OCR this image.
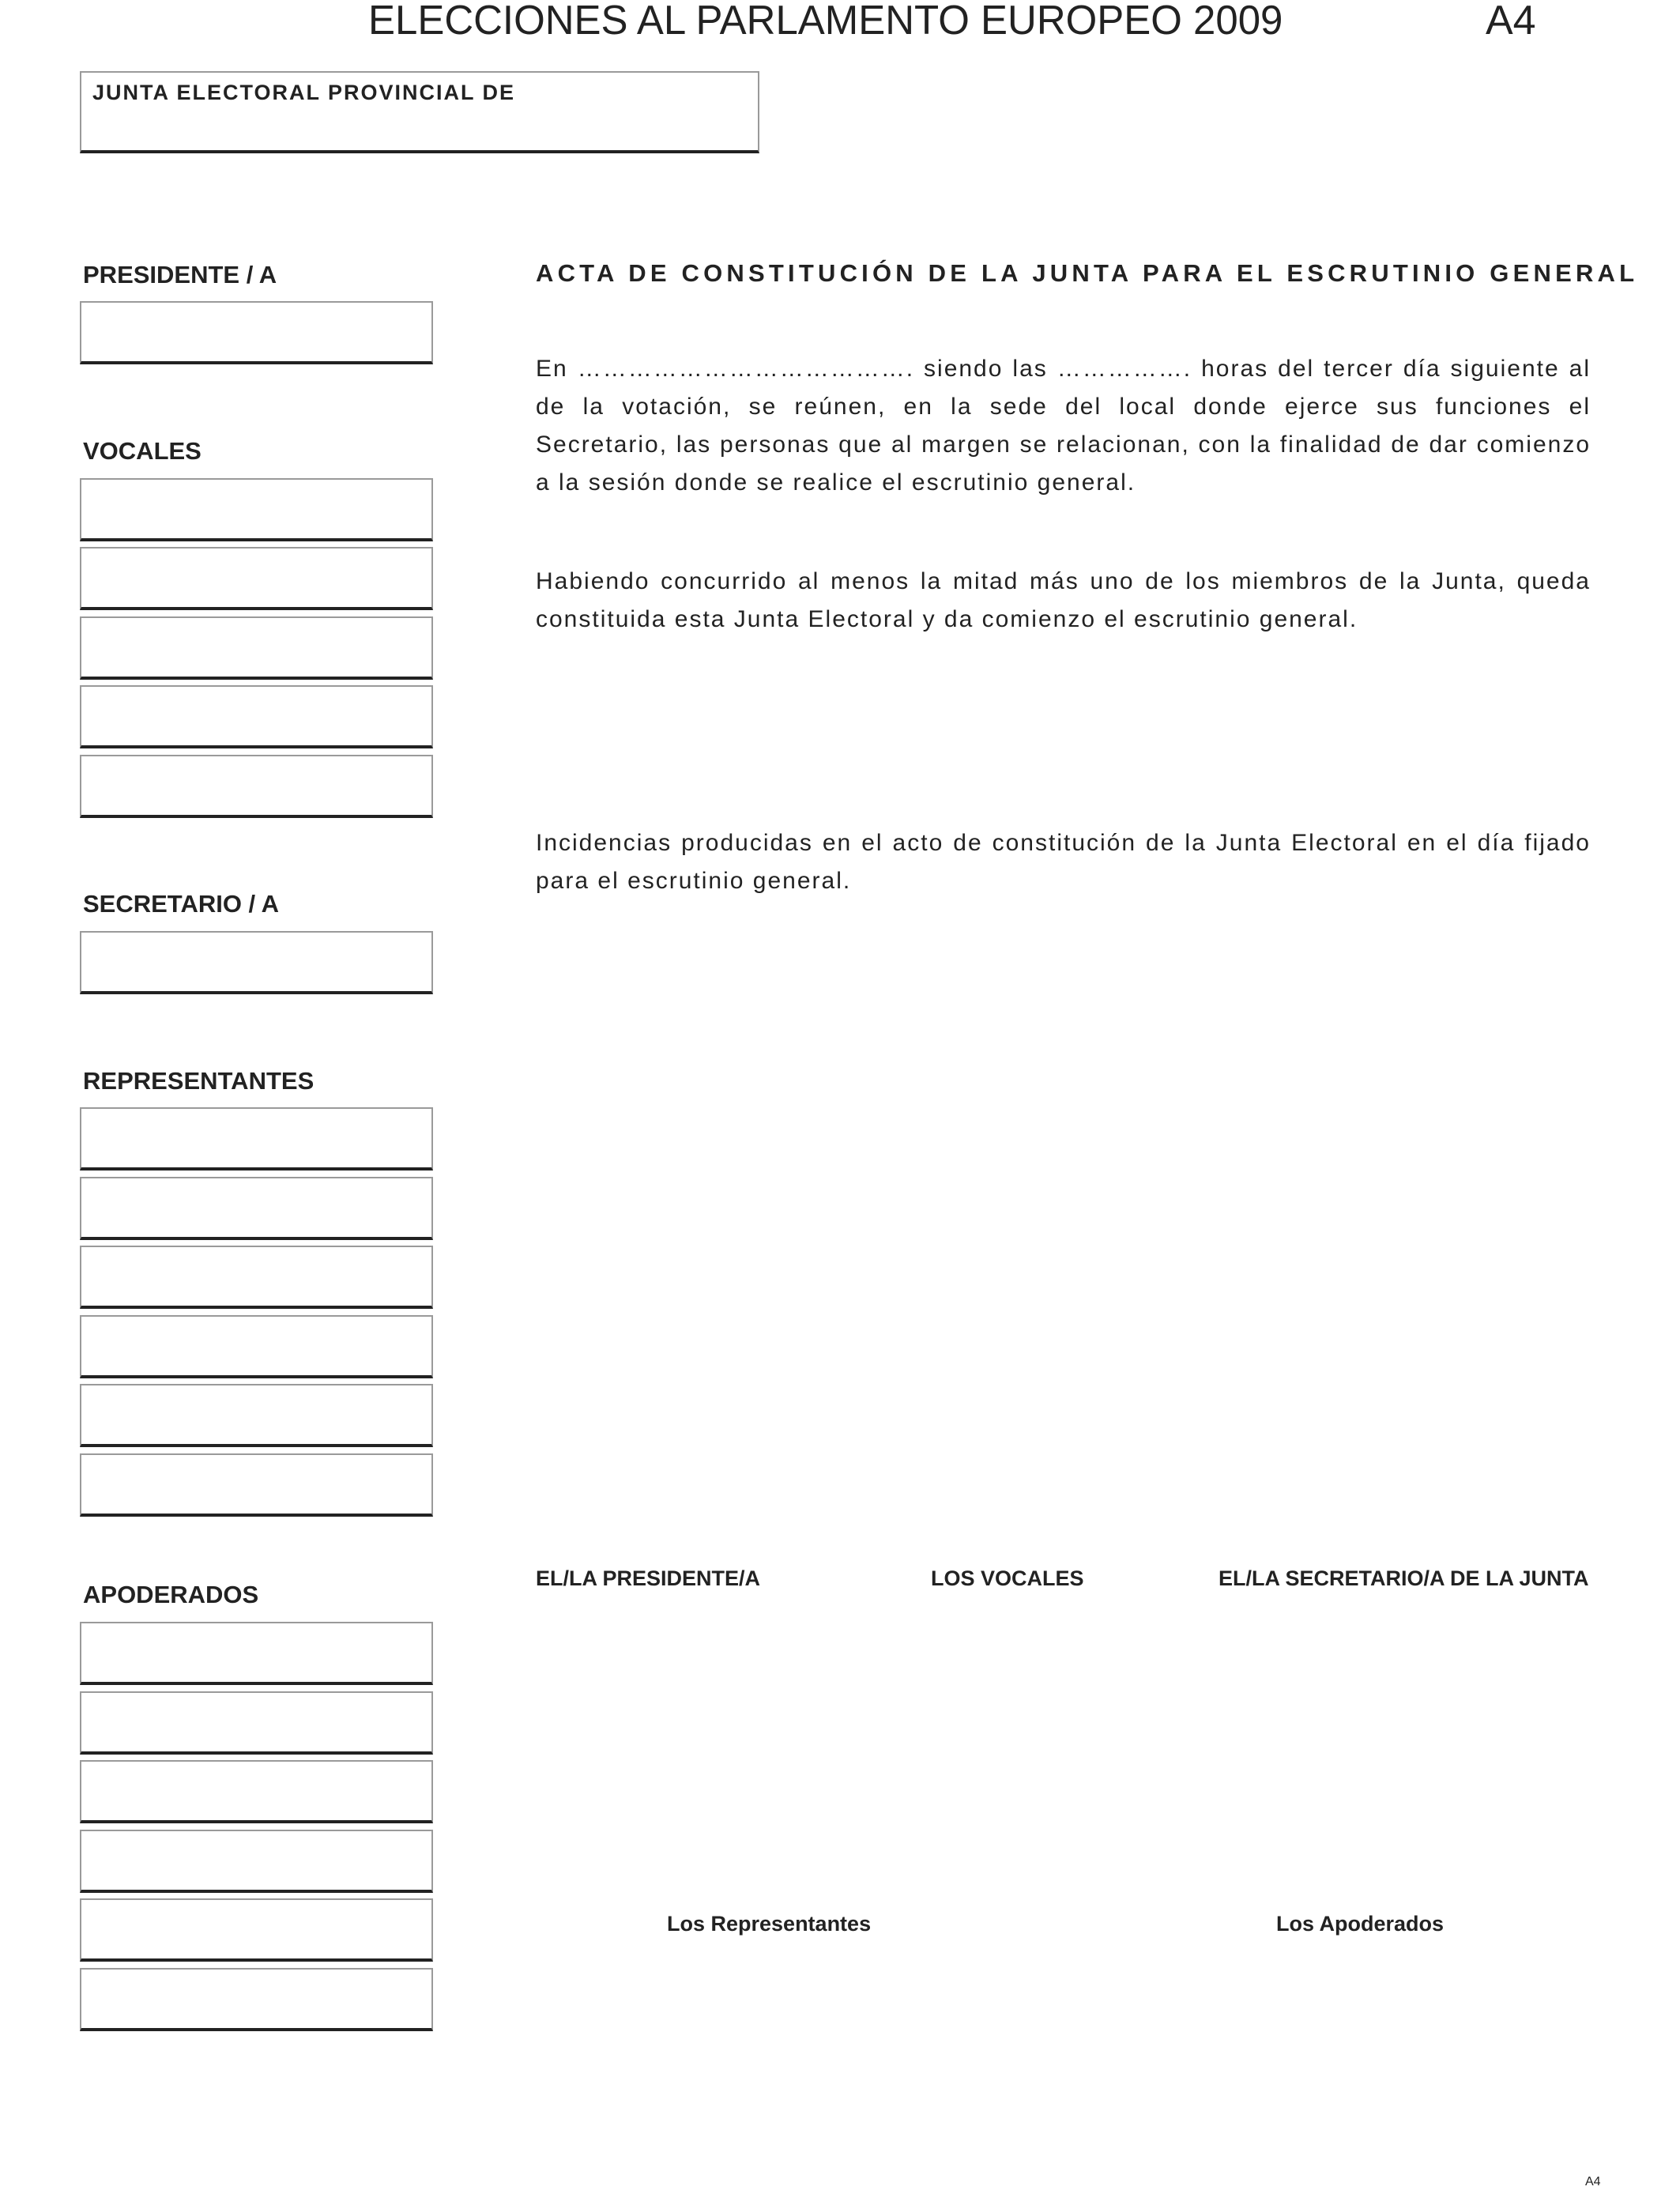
ELECCIONES AL PARLAMENTO EUROPEO 2009	A4
JUNTA ELECTORAL PROVINCIAL DE
PRESIDENTE / A
VOCALES
SECRETARIO / A
REPRESENTANTES
APODERADOS
ACTA DE CONSTITUCIÓN DE LA JUNTA PARA EL ESCRUTINIO GENERAL
En …………………………………. siendo las ……………. horas del tercer día siguiente al de la votación, se reúnen, en la sede del local donde ejerce sus funciones el Secretario, las personas que al margen se relacionan, con la finalidad de dar comienzo a la sesión donde se realice el escrutinio general.
Habiendo concurrido al menos la mitad más uno de los miembros de la Junta, queda constituida esta Junta Electoral y da comienzo el escrutinio general.
Incidencias producidas en el acto de constitución de la Junta Electoral en el día fijado para el escrutinio general.
EL/LA PRESIDENTE/A	LOS VOCALES	EL/LA SECRETARIO/A DE LA JUNTA
Los Representantes	Los Apoderados
A4
